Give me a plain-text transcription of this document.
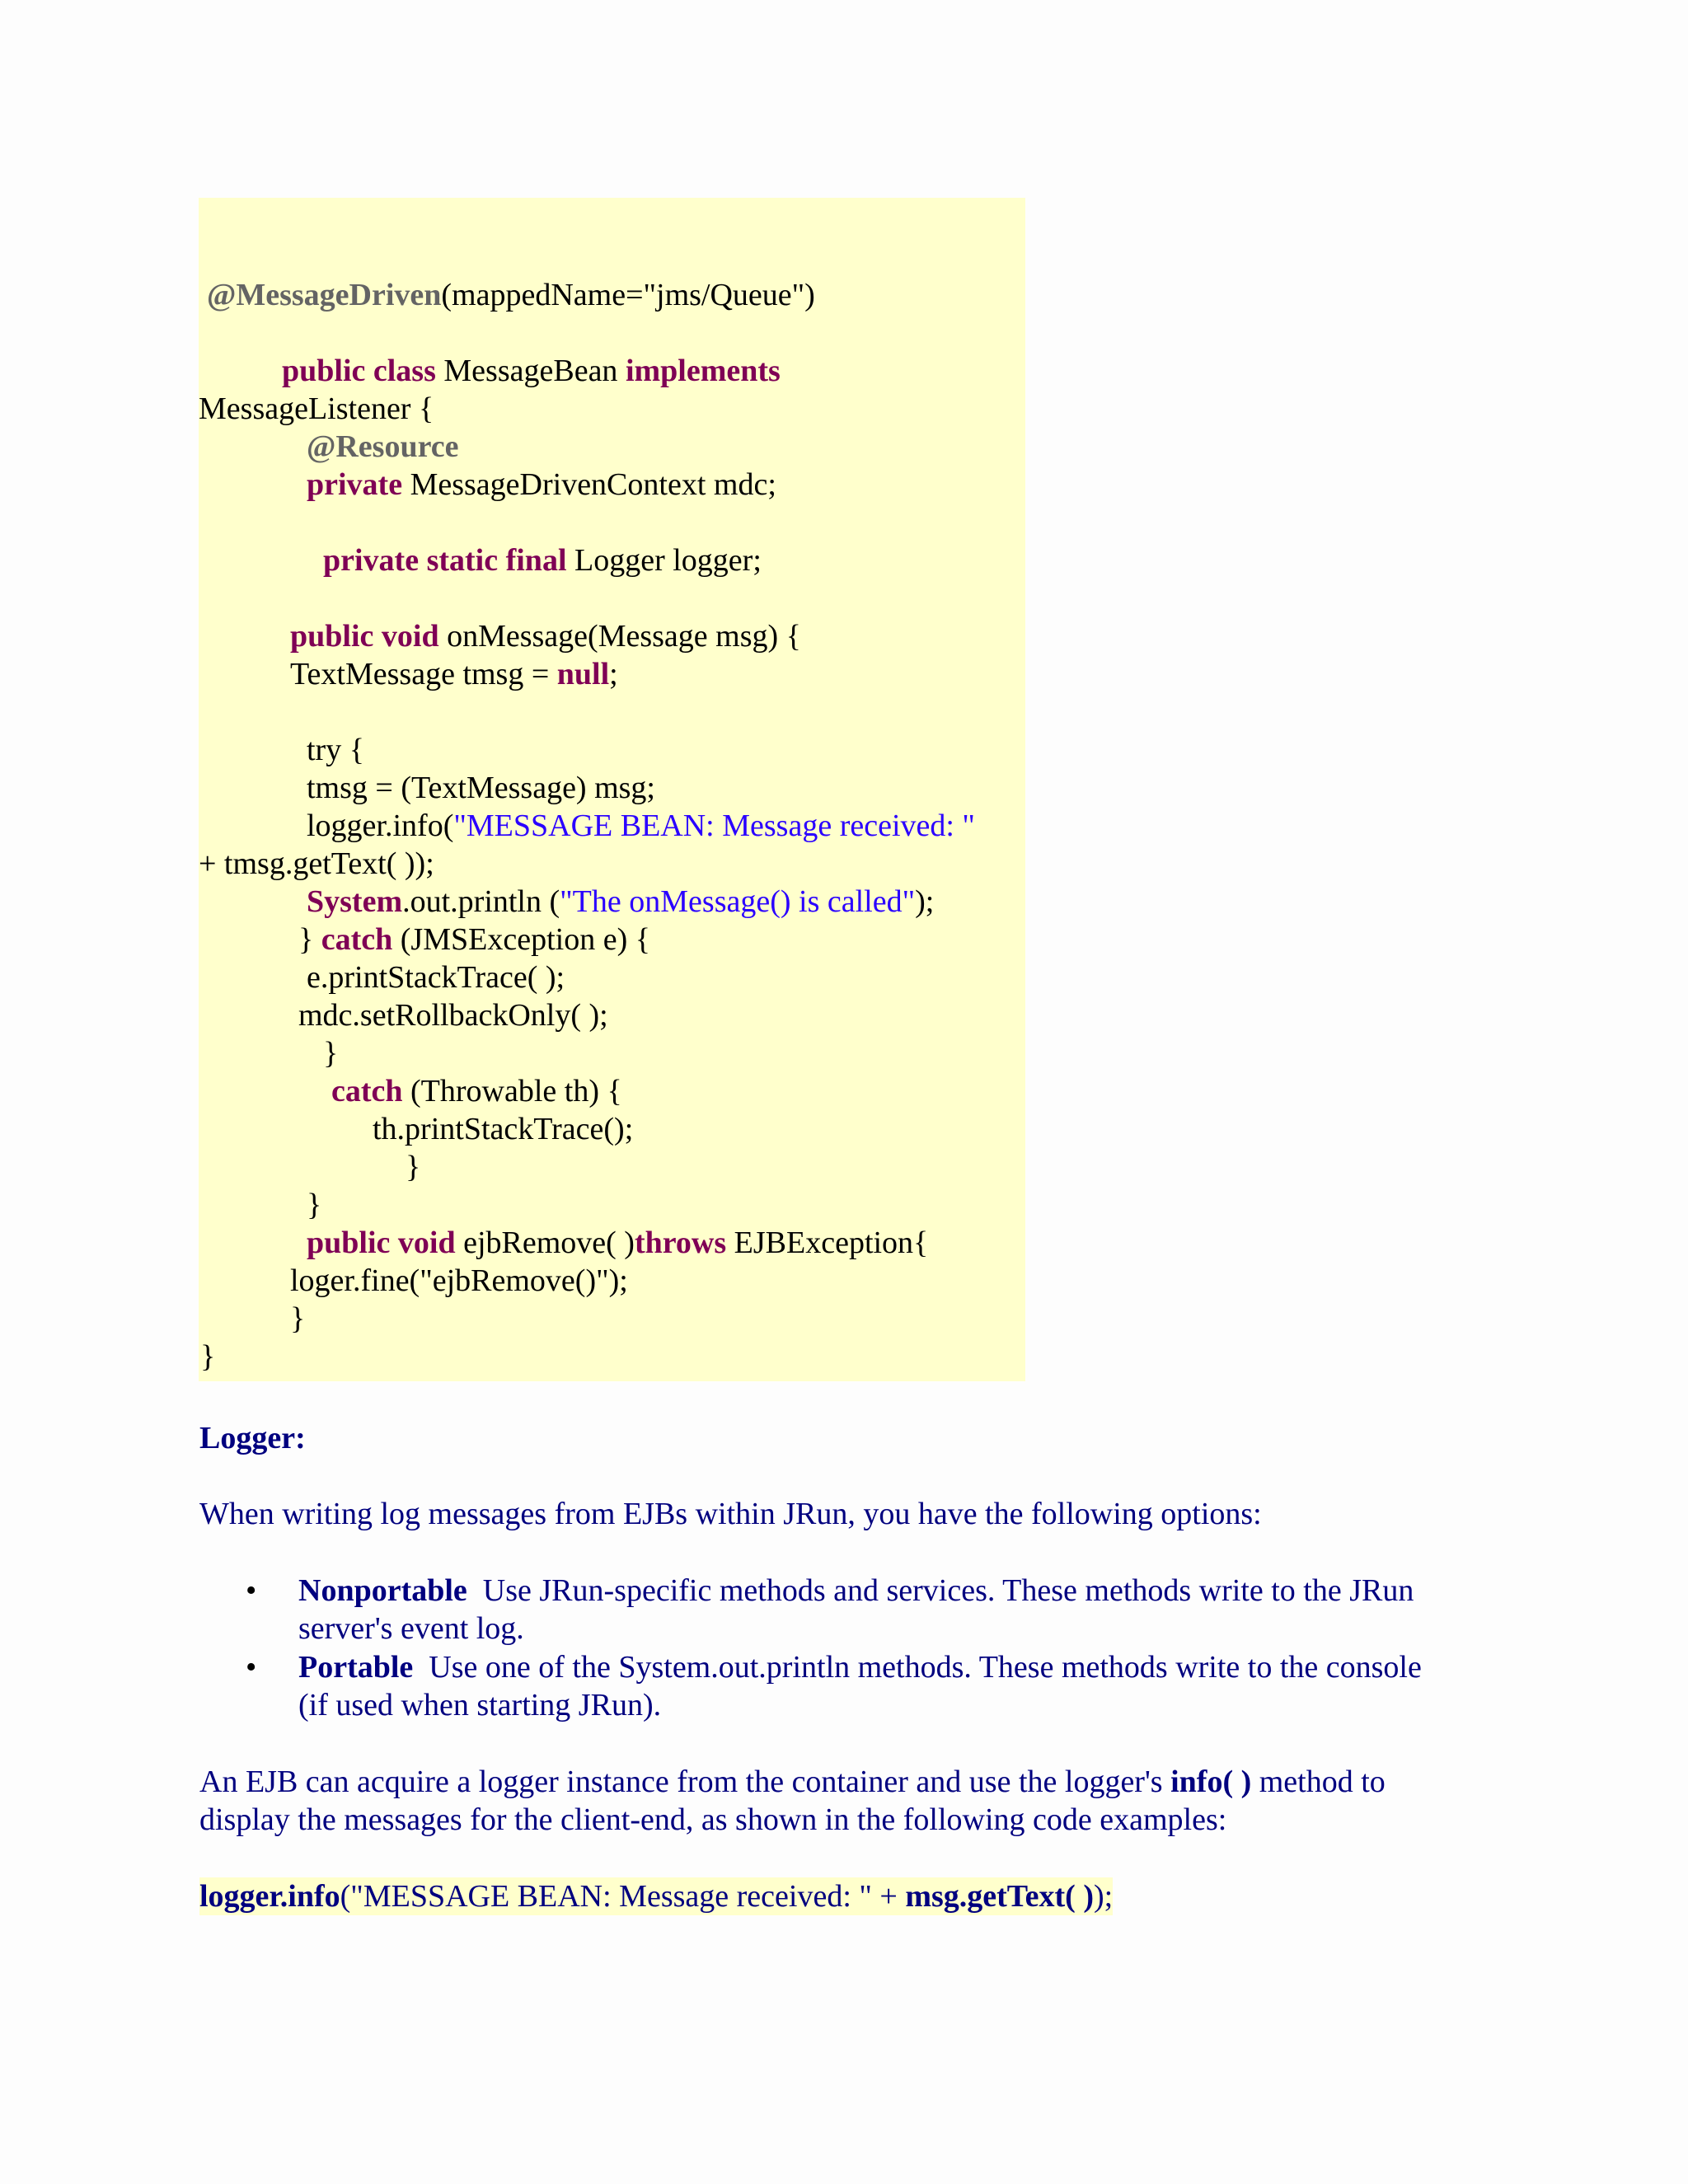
@MessageDriven(mappedName="jms/Queue")
public class MessageBean implements
MessageListener {
@Resource
private MessageDrivenContext mdc;
private static final Logger logger;
public void onMessage(Message msg) {
TextMessage tmsg = null;
try {
tmsg = (TextMessage) msg;
logger.info("MESSAGE BEAN: Message received: "
+ tmsg.getText( ));
System.out.println ("The onMessage() is called");
} catch (JMSException e) {
e.printStackTrace( );
mdc.setRollbackOnly( );
}
catch (Throwable th) {
th.printStackTrace();
}
}
public void ejbRemove( )throws EJBException{
loger.fine("ejbRemove()");
}
}
Logger:
When writing log messages from EJBs within JRun, you have the following options:
• Nonportable Use JRun-specific methods and services. These methods write to the JRun
server's event log.
• Portable Use one of the System.out.println methods. These methods write to the console
(if used when starting JRun).
An EJB can acquire a logger instance from the container and use the logger's info( ) method to
display the messages for the client-end, as shown in the following code examples:
logger.info("MESSAGE BEAN: Message received: " + msg.getText( ));
